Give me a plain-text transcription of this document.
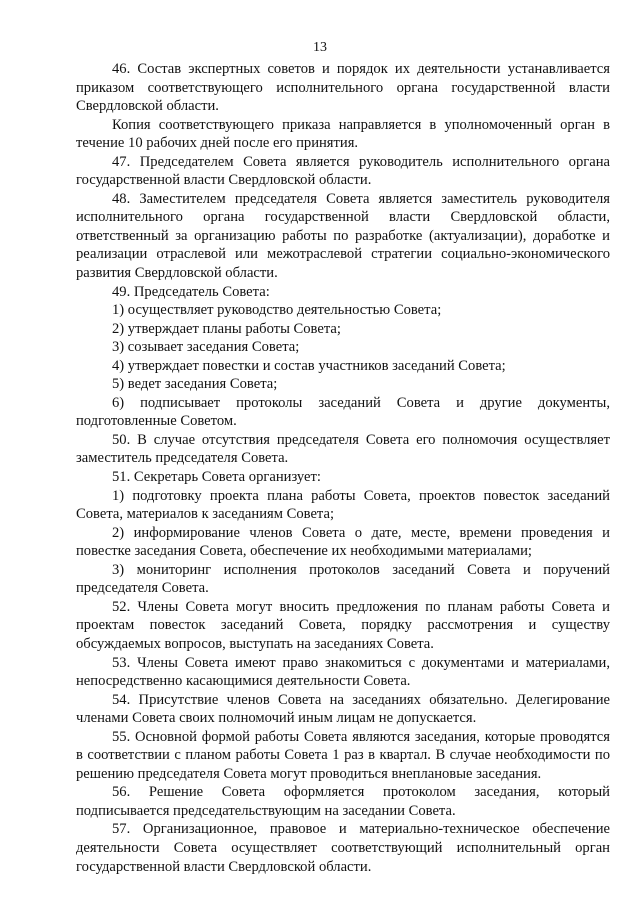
13

46. Состав экспертных советов и порядок их деятельности устанавливается приказом соответствующего исполнительного органа государственной власти Свердловской области.

Копия соответствующего приказа направляется в уполномоченный орган в течение 10 рабочих дней после его принятия.

47. Председателем Совета является руководитель исполнительного органа государственной власти Свердловской области.

48. Заместителем председателя Совета является заместитель руководителя исполнительного органа государственной власти Свердловской области, ответственный за организацию работы по разработке (актуализации), доработке и реализации отраслевой или межотраслевой стратегии социально-экономического развития Свердловской области.

49. Председатель Совета:

1) осуществляет руководство деятельностью Совета;

2) утверждает планы работы Совета;

3) созывает заседания Совета;

4) утверждает повестки и состав участников заседаний Совета;

5) ведет заседания Совета;

6) подписывает протоколы заседаний Совета и другие документы, подготовленные Советом.

50. В случае отсутствия председателя Совета его полномочия осуществляет заместитель председателя Совета.

51. Секретарь Совета организует:

1) подготовку проекта плана работы Совета, проектов повесток заседаний Совета, материалов к заседаниям Совета;

2) информирование членов Совета о дате, месте, времени проведения и повестке заседания Совета, обеспечение их необходимыми материалами;

3) мониторинг исполнения протоколов заседаний Совета и поручений председателя Совета.

52. Члены Совета могут вносить предложения по планам работы Совета и проектам повесток заседаний Совета, порядку рассмотрения и существу обсуждаемых вопросов, выступать на заседаниях Совета.

53. Члены Совета имеют право знакомиться с документами и материалами, непосредственно касающимися деятельности Совета.

54. Присутствие членов Совета на заседаниях обязательно. Делегирование членами Совета своих полномочий иным лицам не допускается.

55. Основной формой работы Совета являются заседания, которые проводятся в соответствии с планом работы Совета 1 раз в квартал. В случае необходимости по решению председателя Совета могут проводиться внеплановые заседания.

56. Решение Совета оформляется протоколом заседания, который подписывается председательствующим на заседании Совета.

57. Организационное, правовое и материально-техническое обеспечение деятельности Совета осуществляет соответствующий исполнительный орган государственной власти Свердловской области.
